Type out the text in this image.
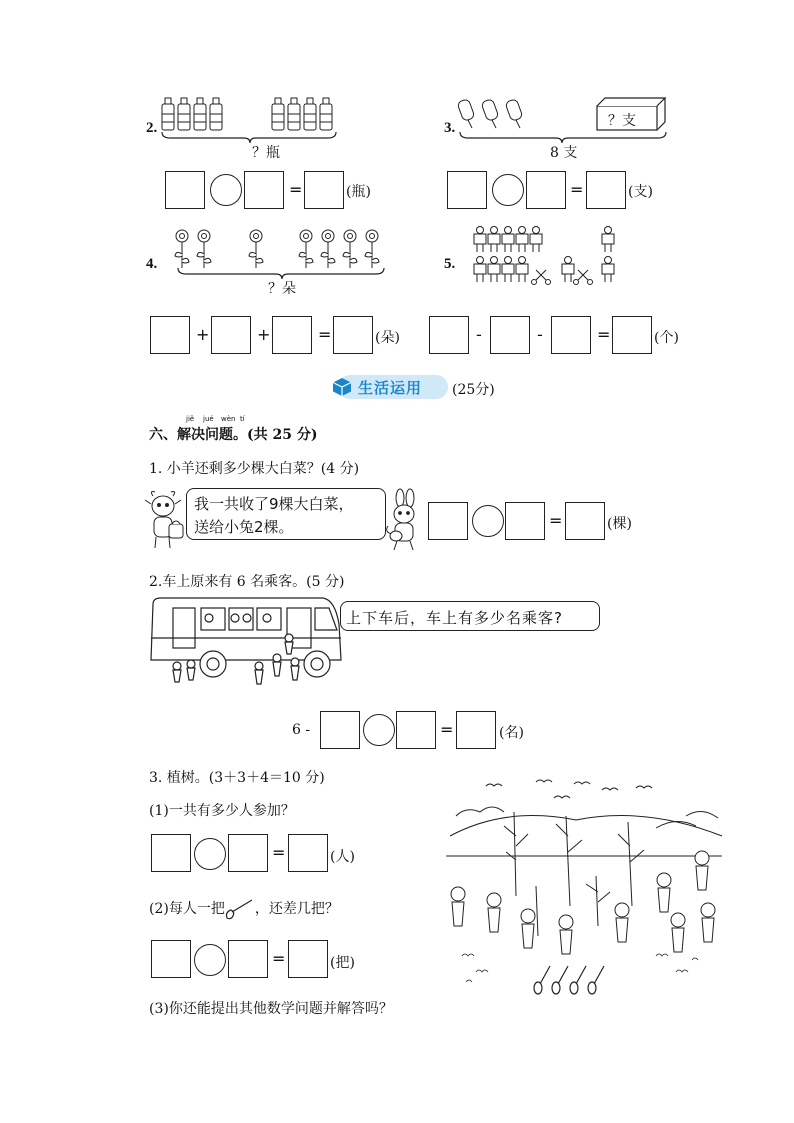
2.
？瓶
=	(瓶)
3.	？支
8 支
=	(支)
4.
？朵
+	+	=	(朵)
5.
-	-	=	(个)
生活运用 (25分)
jiě jué wèn tí
六、解决问题。(共 25 分)
1. 小羊还剩多少棵大白菜？(4 分)
我一共收了9棵大白菜，
送给小兔2棵。	=	(棵)
2.车上原来有 6 名乘客。(5 分)
上下车后，车上有多少名乘客?
6 -	=	(名)
3. 植树。(3＋3＋4＝10 分)
(1)一共有多少人参加？
=	(人)
(2)每人一把 ，还差几把？
=	(把)
(3)你还能提出其他数学问题并解答吗？
